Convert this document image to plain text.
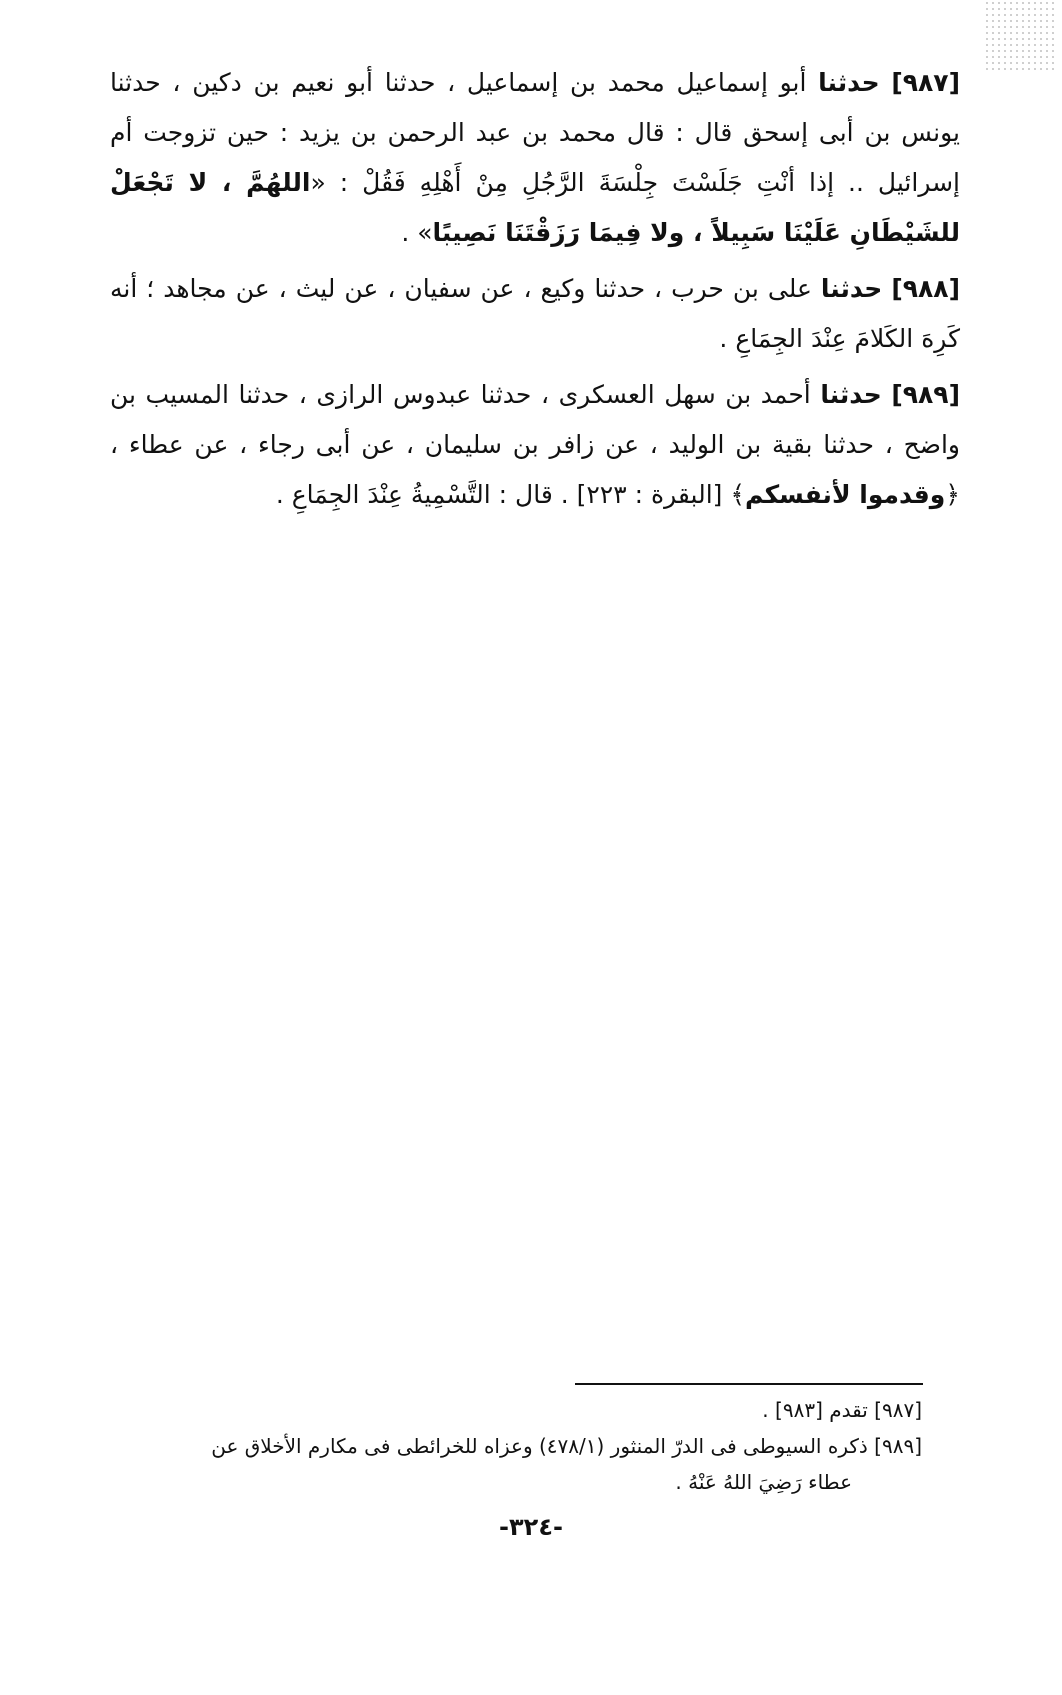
[٩٨٧] حدثنا أبو إسماعيل محمد بن إسماعيل ، حدثنا أبو نعيم بن دكين ، حدثنا يونس بن أبى إسحق قال : قال محمد بن عبد الرحمن بن يزيد : حين تزوجت أم إسرائيل .. إذا أنْتِ جَلَسْتَ جِلْسَةَ الرَّجُلِ مِنْ أَهْلِهِ فَقُلْ : «اللهُمَّ ، لا تَجْعَلْ للشَيْطَانِ عَلَيْنَا سَبِيلاً ، ولا فِيمَا رَزَقْتَنَا نَصِيبًا» .

[٩٨٨] حدثنا على بن حرب ، حدثنا وكيع ، عن سفيان ، عن ليث ، عن مجاهد ؛ أنه كَرِهَ الكَلامَ عِنْدَ الجِمَاعِ .

[٩٨٩] حدثنا أحمد بن سهل العسكرى ، حدثنا عبدوس الرازى ، حدثنا المسيب بن واضح ، حدثنا بقية بن الوليد ، عن زافر بن سليمان ، عن أبى رجاء ، عن عطاء ، ﴿وقدموا لأنفسكم﴾ [البقرة : ٢٢٣] . قال : التَّسْمِيةُ عِنْدَ الجِمَاعِ .

[٩٨٧] تقدم [٩٨٣] .

[٩٨٩] ذكره السيوطى فى الدرّ المنثور (٤٧٨/١) وعزاه للخرائطى فى مكارم الأخلاق عن

عطاء رَضِيَ اللهُ عَنْهُ .

-٣٢٤-
